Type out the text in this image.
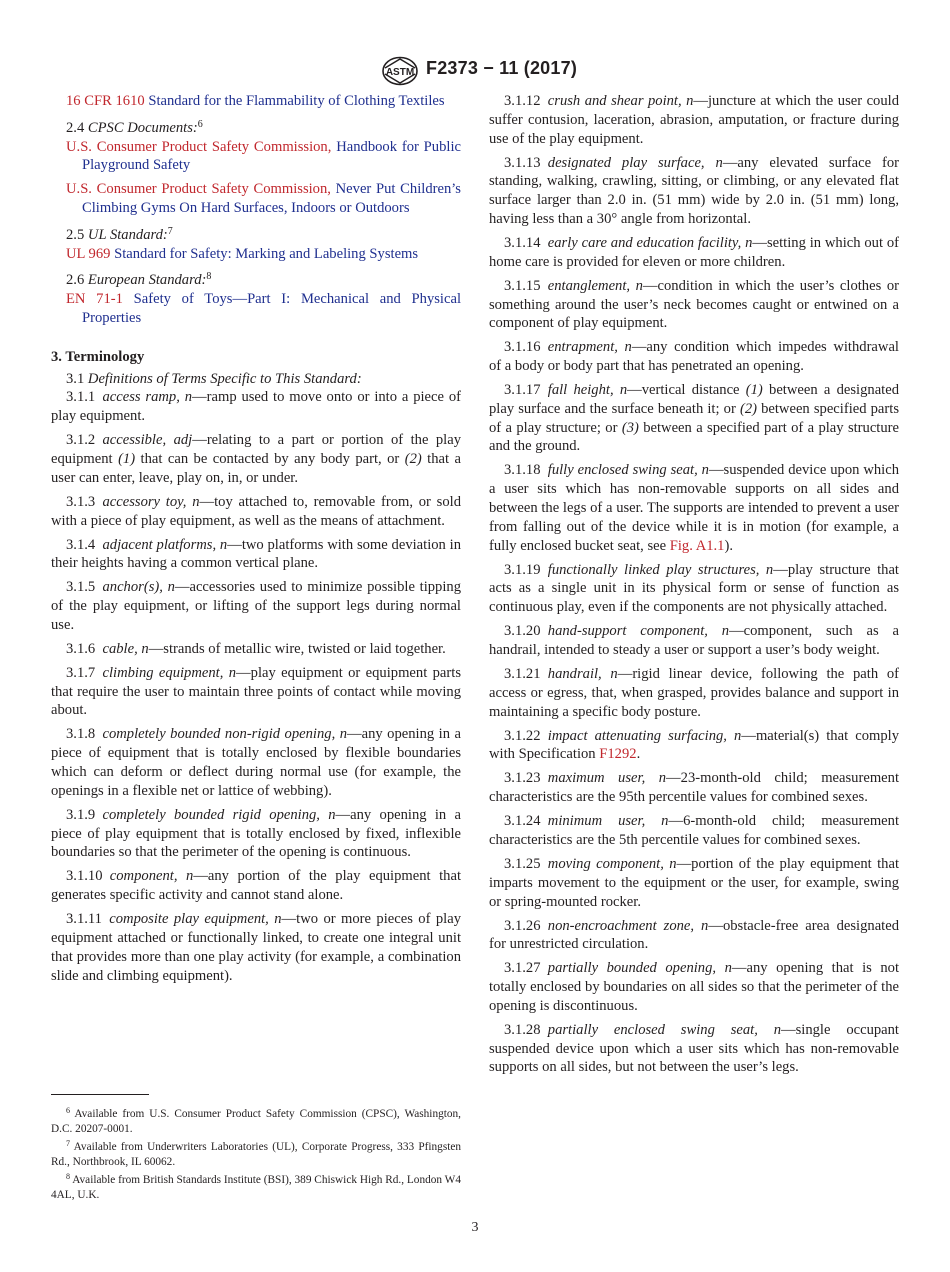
ASTM F2373 − 11 (2017)
16 CFR 1610 Standard for the Flammability of Clothing Textiles
2.4 CPSC Documents:$^6$
U.S. Consumer Product Safety Commission, Handbook for Public Playground Safety
U.S. Consumer Product Safety Commission, Never Put Children’s Climbing Gyms On Hard Surfaces, Indoors or Outdoors
2.5 UL Standard:$^7$
UL 969 Standard for Safety: Marking and Labeling Systems
2.6 European Standard:$^8$
EN 71-1 Safety of Toys—Part I: Mechanical and Physical Properties
3. Terminology
3.1 Definitions of Terms Specific to This Standard:
3.1.1  access ramp, n—ramp used to move onto or into a piece of play equipment.
3.1.2  accessible, adj—relating to a part or portion of the play equipment (1) that can be contacted by any body part, or (2) that a user can enter, leave, play on, in, or under.
3.1.3  accessory toy, n—toy attached to, removable from, or sold with a piece of play equipment, as well as the means of attachment.
3.1.4  adjacent platforms, n—two platforms with some deviation in their heights having a common vertical plane.
3.1.5  anchor(s), n—accessories used to minimize possible tipping of the play equipment, or lifting of the support legs during normal use.
3.1.6  cable, n—strands of metallic wire, twisted or laid together.
3.1.7  climbing equipment, n—play equipment or equipment parts that require the user to maintain three points of contact while moving about.
3.1.8  completely bounded non-rigid opening, n—any opening in a piece of equipment that is totally enclosed by flexible boundaries which can deform or deflect during normal use (for example, the openings in a flexible net or lattice of webbing).
3.1.9  completely bounded rigid opening, n—any opening in a piece of play equipment that is totally enclosed by fixed, inflexible boundaries so that the perimeter of the opening is continuous.
3.1.10  component, n—any portion of the play equipment that generates specific activity and cannot stand alone.
3.1.11  composite play equipment, n—two or more pieces of play equipment attached or functionally linked, to create one integral unit that provides more than one play activity (for example, a combination slide and climbing equipment).
3.1.12  crush and shear point, n—juncture at which the user could suffer contusion, laceration, abrasion, amputation, or fracture during use of the play equipment.
3.1.13  designated play surface, n—any elevated surface for standing, walking, crawling, sitting, or climbing, or any elevated flat surface larger than 2.0 in. (51 mm) wide by 2.0 in. (51 mm) long, having less than a 30° angle from horizontal.
3.1.14  early care and education facility, n—setting in which out of home care is provided for eleven or more children.
3.1.15  entanglement, n—condition in which the user’s clothes or something around the user’s neck becomes caught or entwined on a component of play equipment.
3.1.16  entrapment, n—any condition which impedes withdrawal of a body or body part that has penetrated an opening.
3.1.17  fall height, n—vertical distance (1) between a designated play surface and the surface beneath it; or (2) between specified parts of a play structure; or (3) between a specified part of a play structure and the ground.
3.1.18  fully enclosed swing seat, n—suspended device upon which a user sits which has non-removable supports on all sides and between the legs of a user. The supports are intended to prevent a user from falling out of the device while it is in motion (for example, a fully enclosed bucket seat, see Fig. A1.1).
3.1.19  functionally linked play structures, n—play structure that acts as a single unit in its physical form or sense of function as continuous play, even if the components are not physically attached.
3.1.20  hand-support component, n—component, such as a handrail, intended to steady a user or support a user’s body weight.
3.1.21  handrail, n—rigid linear device, following the path of access or egress, that, when grasped, provides balance and support in maintaining a specific body posture.
3.1.22  impact attenuating surfacing, n—material(s) that comply with Specification F1292.
3.1.23  maximum user, n—23-month-old child; measurement characteristics are the 95th percentile values for combined sexes.
3.1.24  minimum user, n—6-month-old child; measurement characteristics are the 5th percentile values for combined sexes.
3.1.25  moving component, n—portion of the play equipment that imparts movement to the equipment or the user, for example, swing or spring-mounted rocker.
3.1.26  non-encroachment zone, n—obstacle-free area designated for unrestricted circulation.
3.1.27  partially bounded opening, n—any opening that is not totally enclosed by boundaries on all sides so that the perimeter of the opening is discontinuous.
3.1.28  partially enclosed swing seat, n—single occupant suspended device upon which a user sits which has non-removable supports on all sides, but not between the user’s legs.
$^6$ Available from U.S. Consumer Product Safety Commission (CPSC), Washington, D.C. 20207-0001.
$^7$ Available from Underwriters Laboratories (UL), Corporate Progress, 333 Pfingsten Rd., Northbrook, IL 60062.
$^8$ Available from British Standards Institute (BSI), 389 Chiswick High Rd., London W4 4AL, U.K.
3
